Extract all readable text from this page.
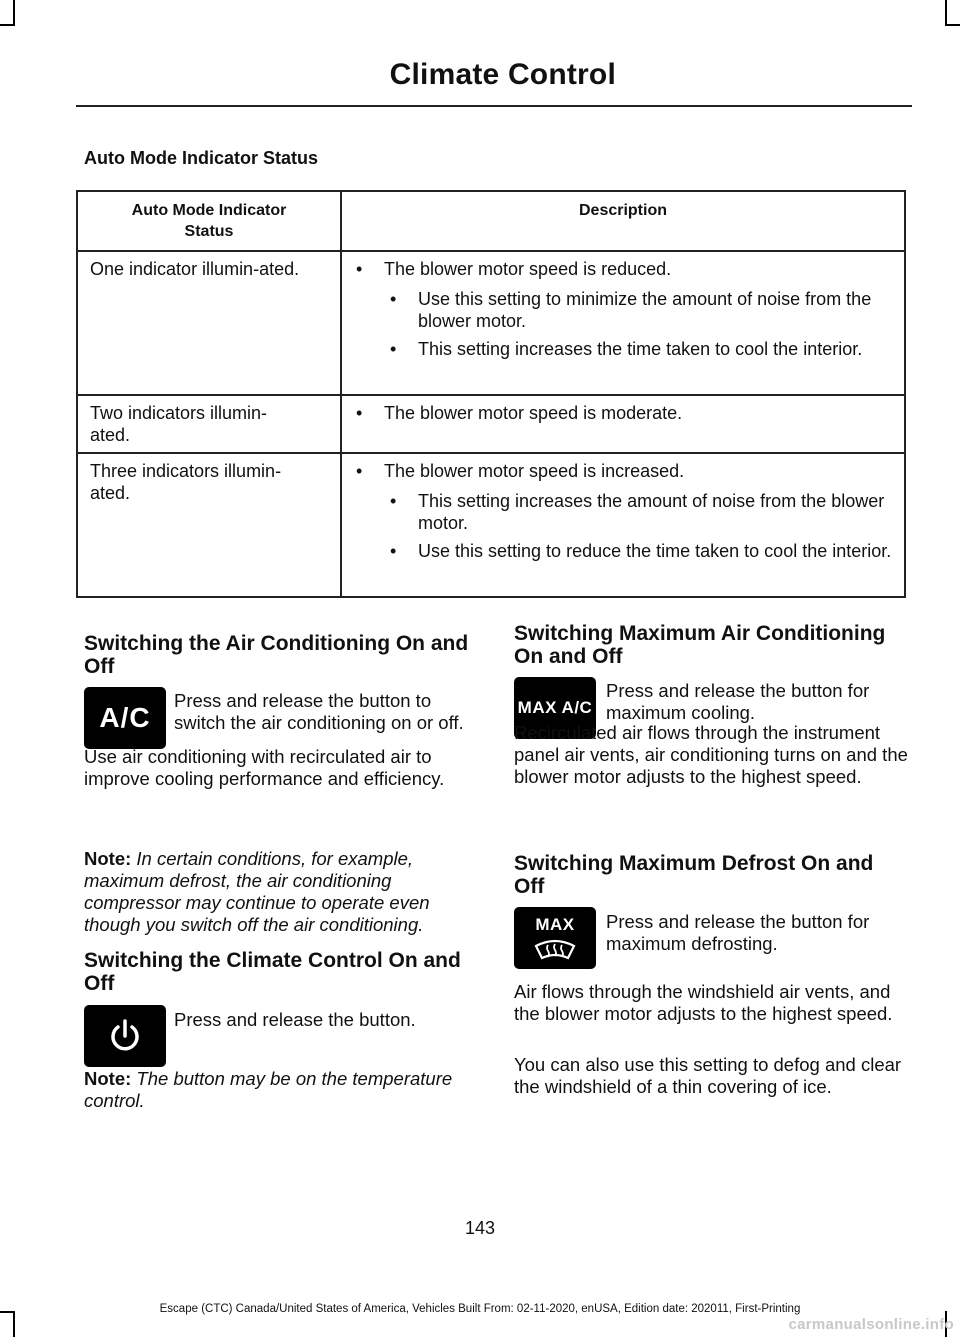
Climate Control
Auto Mode Indicator Status
Auto Mode Indicator Status	Description

One indicator illumin-ated.	• The blower motor speed is reduced.
• Use this setting to minimize the amount of noise from the blower motor.
• This setting increases the time taken to cool the interior.

Two indicators illumin-ated.	• The blower motor speed is moderate.

Three indicators illumin-ated.	• The blower motor speed is increased.
• This setting increases the amount of noise from the blower motor.
• Use this setting to reduce the time taken to cool the interior.
Switching the Air Conditioning On and Off
A/C
Press and release the button to switch the air conditioning on or off.
Use air conditioning with recirculated air to improve cooling performance and efficiency.
Note: In certain conditions, for example, maximum defrost, the air conditioning compressor may continue to operate even though you switch off the air conditioning.
Switching the Climate Control On and Off
Press and release the button.
Note: The button may be on the temperature control.
Switching Maximum Air Conditioning On and Off
MAX A/C
Press and release the button for maximum cooling.
Recirculated air flows through the instrument panel air vents, air conditioning turns on and the blower motor adjusts to the highest speed.
Switching Maximum Defrost On and Off
MAX Press and release the button for maximum defrosting.
Air flows through the windshield air vents, and the blower motor adjusts to the highest speed.
You can also use this setting to defog and clear the windshield of a thin covering of ice.
143
Escape (CTC) Canada/United States of America, Vehicles Built From: 02-11-2020, enUSA, Edition date: 202011, First-Printing
carmanualsonline.info
